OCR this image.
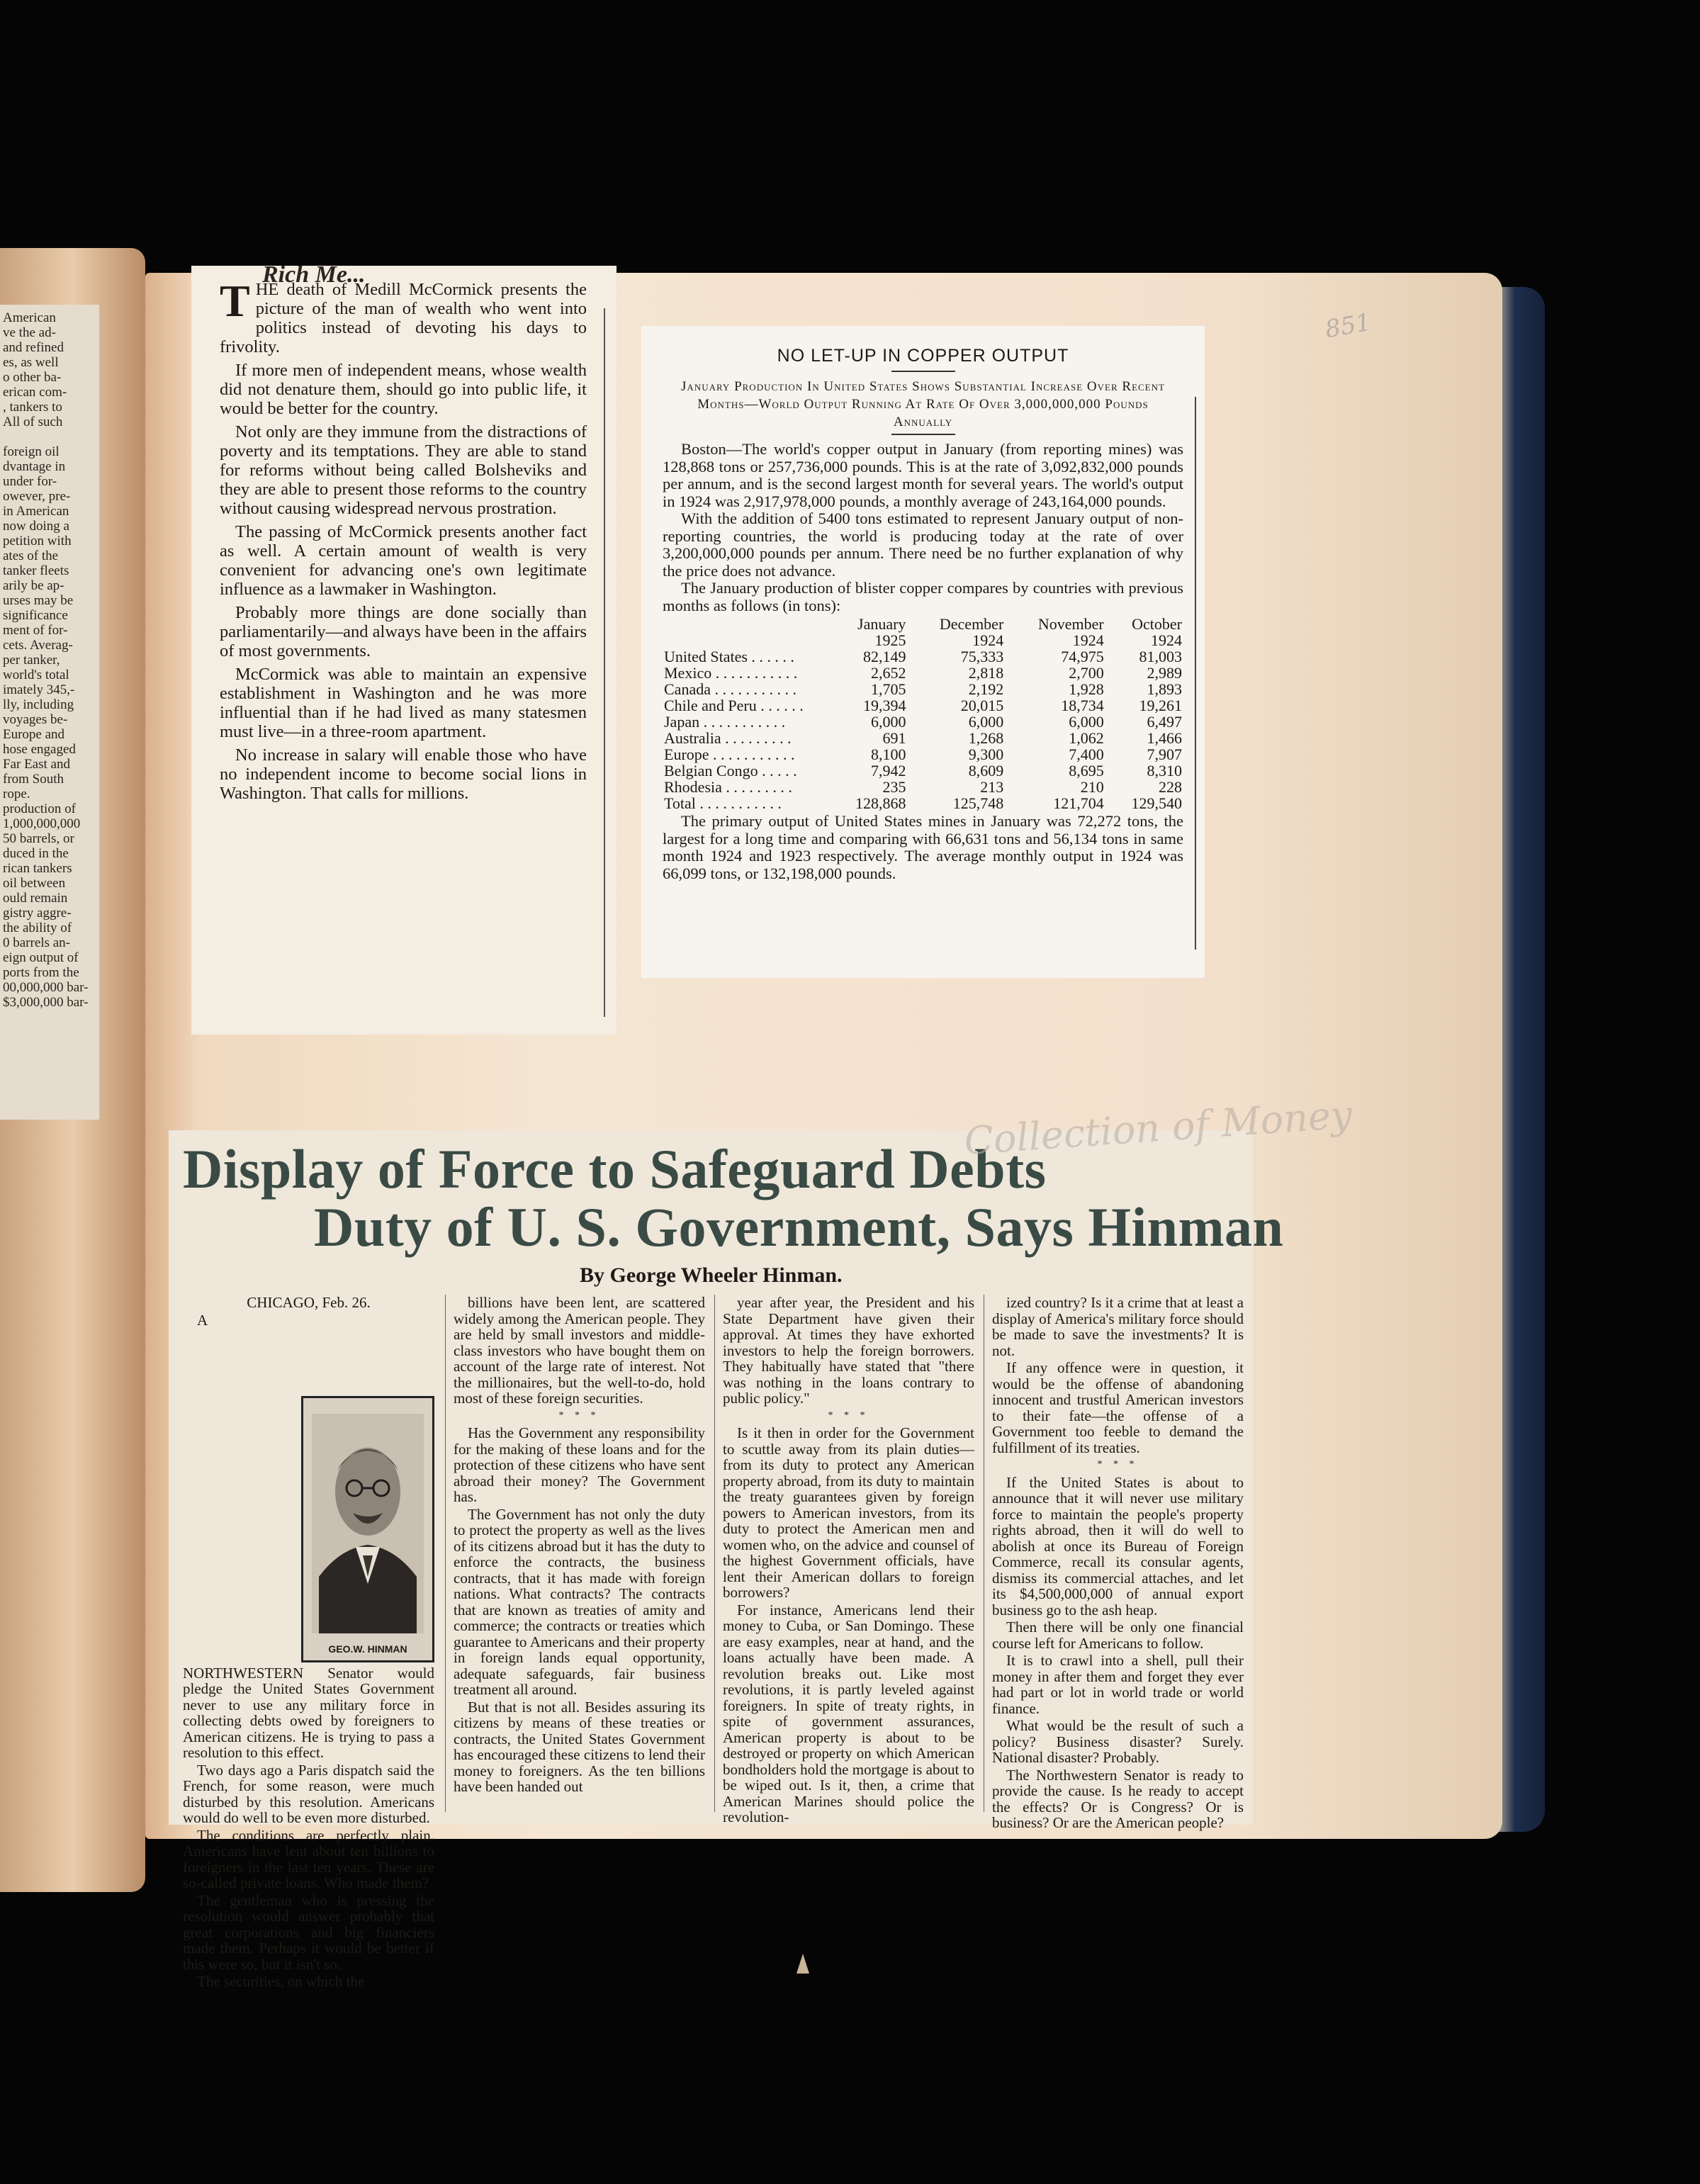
American
ve the ad-
and refined
es, as well
o other ba-
erican com-
, tankers to
All of such

foreign oil
dvantage in
under for-
owever, pre-
in American
now doing a
petition with
ates of the
tanker fleets
arily be ap-
urses may be
significance
ment of for-
cets. Averag-
per tanker,
world's total
imately 345,-
lly, including
voyages be-
Europe and
hose engaged
Far East and
from South
rope.
production of
1,000,000,000
50 barrels, or
duced in the
rican tankers
oil between
ould remain
gistry aggre-
the ability of
0 barrels an-
eign output of
ports from the
00,000,000 bar-
$3,000,000 bar-
Rich Me...

THE death of Medill McCormick presents the picture of the man of wealth who went into politics instead of devoting his days to frivolity.

If more men of independent means, whose wealth did not denature them, should go into public life, it would be better for the country.

Not only are they immune from the distractions of poverty and its temptations. They are able to stand for reforms without being called Bolsheviks and they are able to present those reforms to the country without causing widespread nervous prostration.

The passing of McCormick presents another fact as well. A certain amount of wealth is very convenient for advancing one's own legitimate influence as a lawmaker in Washington.

Probably more things are done socially than parliamentarily—and always have been in the affairs of most governments.

McCormick was able to maintain an expensive establishment in Washington and he was more influential than if he had lived as many statesmen must live—in a three-room apartment.

No increase in salary will enable those who have no independent income to become social lions in Washington. That calls for millions.

NO LET-UP IN COPPER OUTPUT
January Production In United States Shows Substantial Increase Over Recent Months—World Output Running At Rate Of Over 3,000,000,000 Pounds Annually

Boston—The world's copper output in January (from reporting mines) was 128,868 tons or 257,736,000 pounds. This is at the rate of 3,092,832,000 pounds per annum, and is the second largest month for several years. The world's output in 1924 was 2,917,978,000 pounds, a monthly average of 243,164,000 pounds.

With the addition of 5400 tons estimated to represent January output of non-reporting countries, the world is producing today at the rate of over 3,200,000,000 pounds per annum. There need be no further explanation of why the price does not advance.

The January production of blister copper compares by countries with previous months as follows (in tons):

	January	December	November	October
	1925	1924	1924	1924
United States . . . . . .	82,149	75,333	74,975	81,003
Mexico . . . . . . . . . . .	2,652	2,818	2,700	2,989
Canada . . . . . . . . . . .	1,705	2,192	1,928	1,893
Chile and Peru . . . . . .	19,394	20,015	18,734	19,261
Japan . . . . . . . . . . .	6,000	6,000	6,000	6,497
Australia . . . . . . . . .	691	1,268	1,062	1,466
Europe . . . . . . . . . . .	8,100	9,300	7,400	7,907
Belgian Congo . . . . .	7,942	8,609	8,695	8,310
Rhodesia . . . . . . . . .	235	213	210	228
Total . . . . . . . . . . .	128,868	125,748	121,704	129,540

The primary output of United States mines in January was 72,272 tons, the largest for a long time and comparing with 66,631 tons and 56,134 tons in same month 1924 and 1923 respectively. The average monthly output in 1924 was 66,099 tons, or 132,198,000 pounds.

Display of Force to Safeguard Debts
Duty of U. S. Government, Says Hinman
By George Wheeler Hinman.

CHICAGO, Feb. 26.

GEO.W. HINMAN

A NORTHWESTERN Senator would pledge the United States Government never to use any military force in collecting debts owed by foreigners to American citizens. He is trying to pass a resolution to this effect.

Two days ago a Paris dispatch said the French, for some reason, were much disturbed by this resolution. Americans would do well to be even more disturbed.

The conditions are perfectly plain. Americans have lent about ten billions to foreigners in the last ten years. These are so-called private loans. Who made them?

The gentleman who is pressing the resolution would answer probably that great corporations and big financiers made them. Perhaps it would be better if this were so, but it isn't so.

The securities, on which the

billions have been lent, are scattered widely among the American people. They are held by small investors and middle-class investors who have bought them on account of the large rate of interest. Not the millionaires, but the well-to-do, hold most of these foreign securities.

* * *

Has the Government any responsibility for the making of these loans and for the protection of these citizens who have sent abroad their money? The Government has.

The Government has not only the duty to protect the property as well as the lives of its citizens abroad but it has the duty to enforce the contracts, the business contracts, that it has made with foreign nations. What contracts? The contracts that are known as treaties of amity and commerce; the contracts or treaties which guarantee to Americans and their property in foreign lands equal opportunity, adequate safeguards, fair business treatment all around.

But that is not all. Besides assuring its citizens by means of these treaties or contracts, the United States Government has encouraged these citizens to lend their money to foreigners. As the ten billions have been handed out

year after year, the President and his State Department have given their approval. At times they have exhorted investors to help the foreign borrowers. They habitually have stated that "there was nothing in the loans contrary to public policy."

* * *

Is it then in order for the Government to scuttle away from its plain duties—from its duty to protect any American property abroad, from its duty to maintain the treaty guarantees given by foreign powers to American investors, from its duty to protect the American men and women who, on the advice and counsel of the highest Government officials, have lent their American dollars to foreign borrowers?

For instance, Americans lend their money to Cuba, or San Domingo. These are easy examples, near at hand, and the loans actually have been made. A revolution breaks out. Like most revolutions, it is partly leveled against foreigners. In spite of treaty rights, in spite of government assurances, American property is about to be destroyed or property on which American bondholders hold the mortgage is about to be wiped out. Is it, then, a crime that American Marines should police the revolution-

ized country? Is it a crime that at least a display of America's military force should be made to save the investments? It is not.

If any offence were in question, it would be the offense of abandoning innocent and trustful American investors to their fate—the offense of a Government too feeble to demand the fulfillment of its treaties.

* * *

If the United States is about to announce that it will never use military force to maintain the people's property rights abroad, then it will do well to abolish at once its Bureau of Foreign Commerce, recall its consular agents, dismiss its commercial attaches, and let its $4,500,000,000 of annual export business go to the ash heap.

Then there will be only one financial course left for Americans to follow.

It is to crawl into a shell, pull their money in after them and forget they ever had part or lot in world trade or world finance.

What would be the result of such a policy? Business disaster? Surely. National disaster? Probably.

The Northwestern Senator is ready to provide the cause. Is he ready to accept the effects? Or is Congress? Or is business? Or are the American people?

851
Collection of Money
